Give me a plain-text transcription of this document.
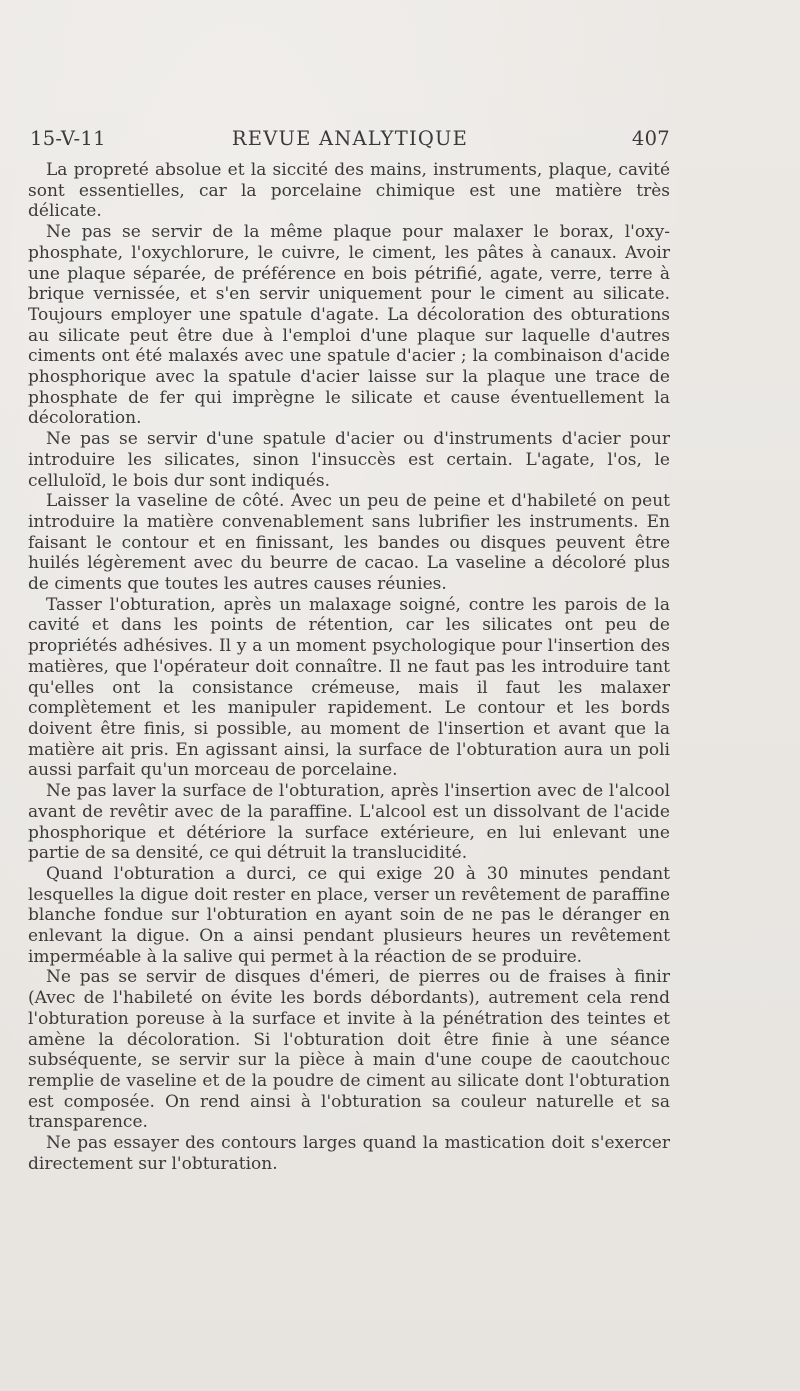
15-V-11	REVUE ANALYTIQUE	407

La propreté absolue et la siccité des mains, instruments, plaque, cavité sont essentielles, car la porcelaine chimique est une matière très délicate.

Ne pas se servir de la même plaque pour malaxer le borax, l'oxy-phosphate, l'oxychlorure, le cuivre, le ciment, les pâtes à canaux. Avoir une plaque séparée, de préférence en bois pétrifié, agate, verre, terre à brique vernissée, et s'en servir uniquement pour le ciment au silicate. Toujours employer une spatule d'agate. La décoloration des obturations au silicate peut être due à l'emploi d'une plaque sur laquelle d'autres ciments ont été malaxés avec une spatule d'acier ; la combinaison d'acide phosphorique avec la spatule d'acier laisse sur la plaque une trace de phosphate de fer qui imprègne le silicate et cause éventuellement la décoloration.

Ne pas se servir d'une spatule d'acier ou d'instruments d'acier pour introduire les silicates, sinon l'insuccès est certain. L'agate, l'os, le celluloïd, le bois dur sont indiqués.

Laisser la vaseline de côté. Avec un peu de peine et d'habileté on peut introduire la matière convenablement sans lubrifier les instruments. En faisant le contour et en finissant, les bandes ou disques peuvent être huilés légèrement avec du beurre de cacao. La vaseline a décoloré plus de ciments que toutes les autres causes réunies.

Tasser l'obturation, après un malaxage soigné, contre les parois de la cavité et dans les points de rétention, car les silicates ont peu de propriétés adhésives. Il y a un moment psychologique pour l'insertion des matières, que l'opérateur doit connaître. Il ne faut pas les introduire tant qu'elles ont la consistance crémeuse, mais il faut les malaxer complètement et les manipuler rapidement. Le contour et les bords doivent être finis, si possible, au moment de l'insertion et avant que la matière ait pris. En agissant ainsi, la surface de l'obturation aura un poli aussi parfait qu'un morceau de porcelaine.

Ne pas laver la surface de l'obturation, après l'insertion avec de l'alcool avant de revêtir avec de la paraffine. L'alcool est un dissolvant de l'acide phosphorique et détériore la surface extérieure, en lui enlevant une partie de sa densité, ce qui détruit la translucidité.

Quand l'obturation a durci, ce qui exige 20 à 30 minutes pendant lesquelles la digue doit rester en place, verser un revêtement de paraffine blanche fondue sur l'obturation en ayant soin de ne pas le déranger en enlevant la digue. On a ainsi pendant plusieurs heures un revêtement imperméable à la salive qui permet à la réaction de se produire.

Ne pas se servir de disques d'émeri, de pierres ou de fraises à finir (Avec de l'habileté on évite les bords débordants), autrement cela rend l'obturation poreuse à la surface et invite à la pénétration des teintes et amène la décoloration. Si l'obturation doit être finie à une séance subséquente, se servir sur la pièce à main d'une coupe de caoutchouc remplie de vaseline et de la poudre de ciment au silicate dont l'obturation est composée. On rend ainsi à l'obturation sa couleur naturelle et sa transparence.

Ne pas essayer des contours larges quand la mastication doit s'exercer directement sur l'obturation.
